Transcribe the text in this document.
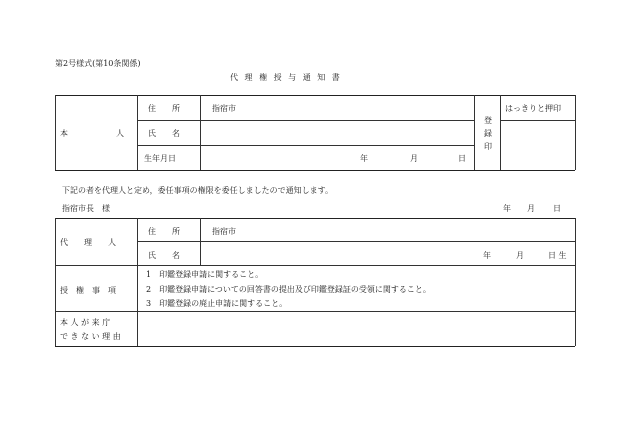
第2号様式(第10条関係)
代 理 権 授 与 通 知 書
本　　　　　　人
住　　所	指宿市
氏　　名
生年月日	年	月	日
登
録
印
はっきりと押印
下記の者を代理人と定め，委任事項の権限を委任しましたので通知します。
指宿市長　様	年 月 日
代　　理　　人
住　　所	指宿市
氏　　名	年	月	日 生
授　権　事　項
1　印鑑登録申請に関すること。
2　印鑑登録申請についての回答書の提出及び印鑑登録証の受領に関すること。
3　印鑑登録の廃止申請に関すること。
本 人 が 来 庁
で き な い 理 由
